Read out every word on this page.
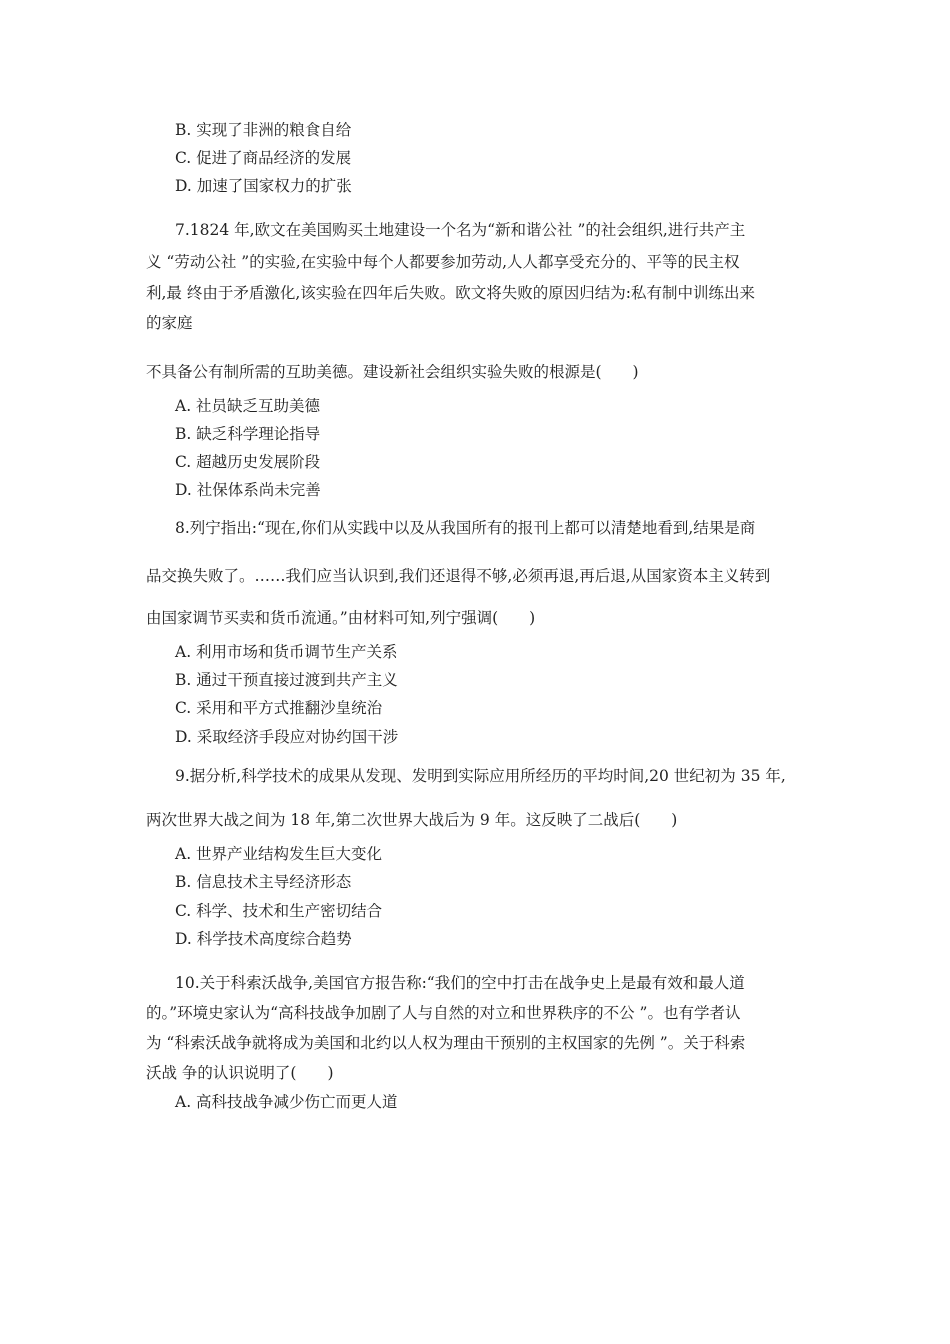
B. 实现了非洲的粮食自给
C. 促进了商品经济的发展
D. 加速了国家权力的扩张
7.1824 年,欧文在美国购买土地建设一个名为“新和谐公社 ”的社会组织,进行共产主
义 “劳动公社 ”的实验,在实验中每个人都要参加劳动,人人都享受充分的、平等的民主权
利,最 终由于矛盾激化,该实验在四年后失败。欧文将失败的原因归结为:私有制中训练出来
的家庭
不具备公有制所需的互助美德。建设新社会组织实验失败的根源是(　　)
A. 社员缺乏互助美德
B. 缺乏科学理论指导
C. 超越历史发展阶段
D. 社保体系尚未完善
8.列宁指出:“现在,你们从实践中以及从我国所有的报刊上都可以清楚地看到,结果是商
品交换失败了。……我们应当认识到,我们还退得不够,必须再退,再后退,从国家资本主义转到
由国家调节买卖和货币流通。”由材料可知,列宁强调(　　)
A. 利用市场和货币调节生产关系
B. 通过干预直接过渡到共产主义
C. 采用和平方式推翻沙皇统治
D. 采取经济手段应对协约国干涉
9.据分析,科学技术的成果从发现、发明到实际应用所经历的平均时间,20 世纪初为 35 年,
两次世界大战之间为 18 年,第二次世界大战后为 9 年。这反映了二战后(　　)
A. 世界产业结构发生巨大变化
B. 信息技术主导经济形态
C. 科学、技术和生产密切结合
D. 科学技术高度综合趋势
10.关于科索沃战争,美国官方报告称:“我们的空中打击在战争史上是最有效和最人道
的。”环境史家认为“高科技战争加剧了人与自然的对立和世界秩序的不公 ”。也有学者认
为 “科索沃战争就将成为美国和北约以人权为理由干预别的主权国家的先例 ”。关于科索
沃战 争的认识说明了(　　)
A. 高科技战争减少伤亡而更人道
